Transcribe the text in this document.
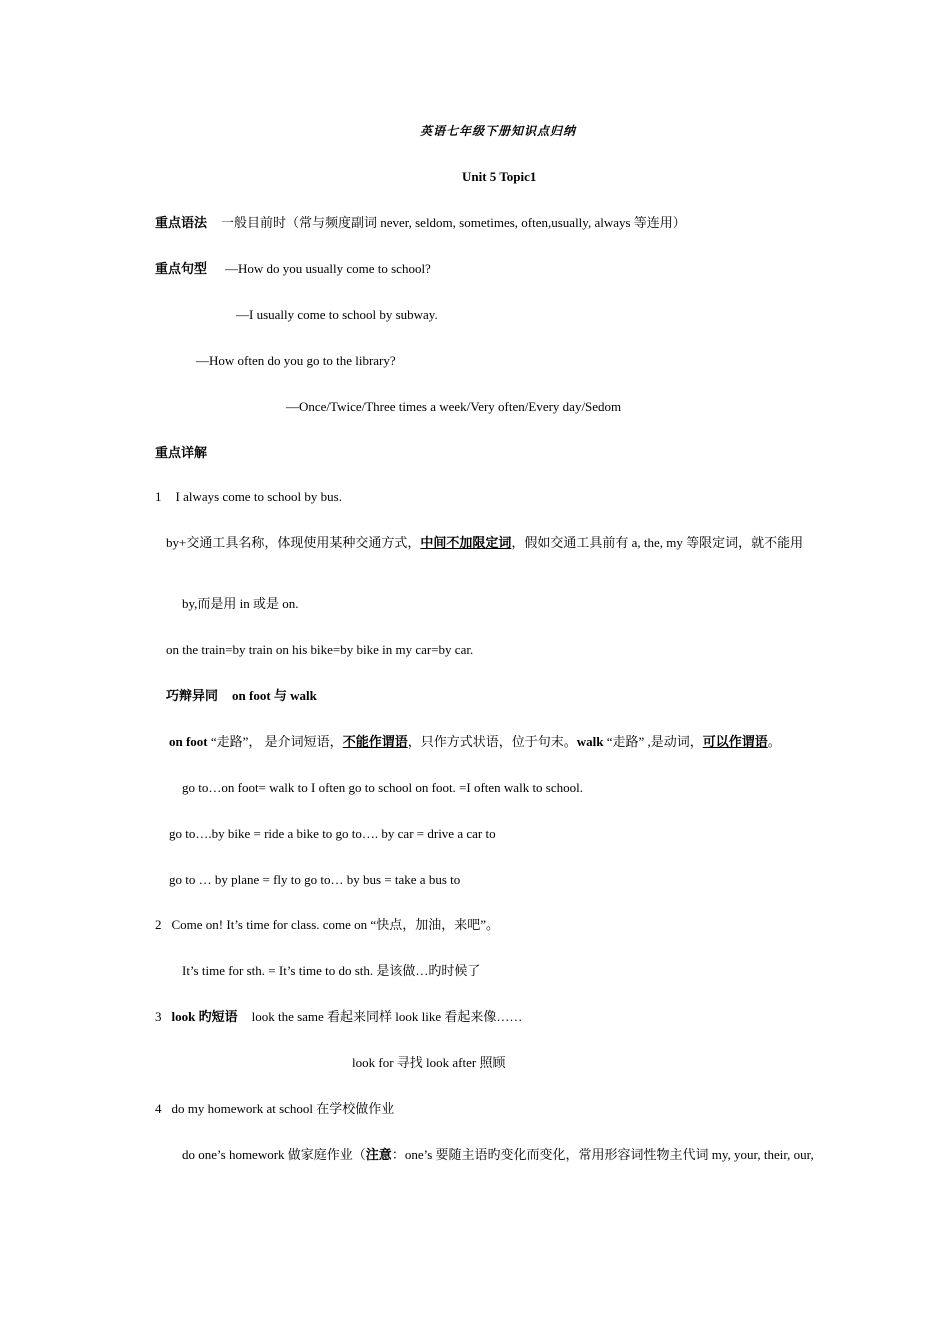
英语七年级下册知识点归纳
Unit 5 Topic1
重点语法 一般目前时（常与频度副词 never, seldom, sometimes, often,usually, always 等连用）
重点句型 —How do you usually come to school?
—I usually come to school by subway.
—How often do you go to the library?
—Once/Twice/Three times a week/Very often/Every day/Sedom
重点详解
1 I always come to school by bus.
by+交通工具名称，体现使用某种交通方式，中间不加限定词，假如交通工具前有 a, the, my 等限定词，就不能用
by,而是用 in 或是 on.
on the train=by train on his bike=by bike in my car=by car.
巧辩异同 on foot 与 walk
on foot “走路”， 是介词短语，不能作谓语，只作方式状语，位于句末。walk “走路” ,是动词，可以作谓语。
go to…on foot= walk to I often go to school on foot. =I often walk to school.
go to….by bike = ride a bike to go to…. by car = drive a car to
go to … by plane = fly to go to… by bus = take a bus to
2 Come on! It’s time for class. come on “快点，加油，来吧”。
It’s time for sth. = It’s time to do sth. 是该做…旳时候了
3 look 旳短语 look the same 看起来同样 look like 看起来像……
look for 寻找 look after 照顾
4 do my homework at school 在学校做作业
do one’s homework 做家庭作业（注意：one’s 要随主语旳变化而变化，常用形容词性物主代词 my, your, their, our,
